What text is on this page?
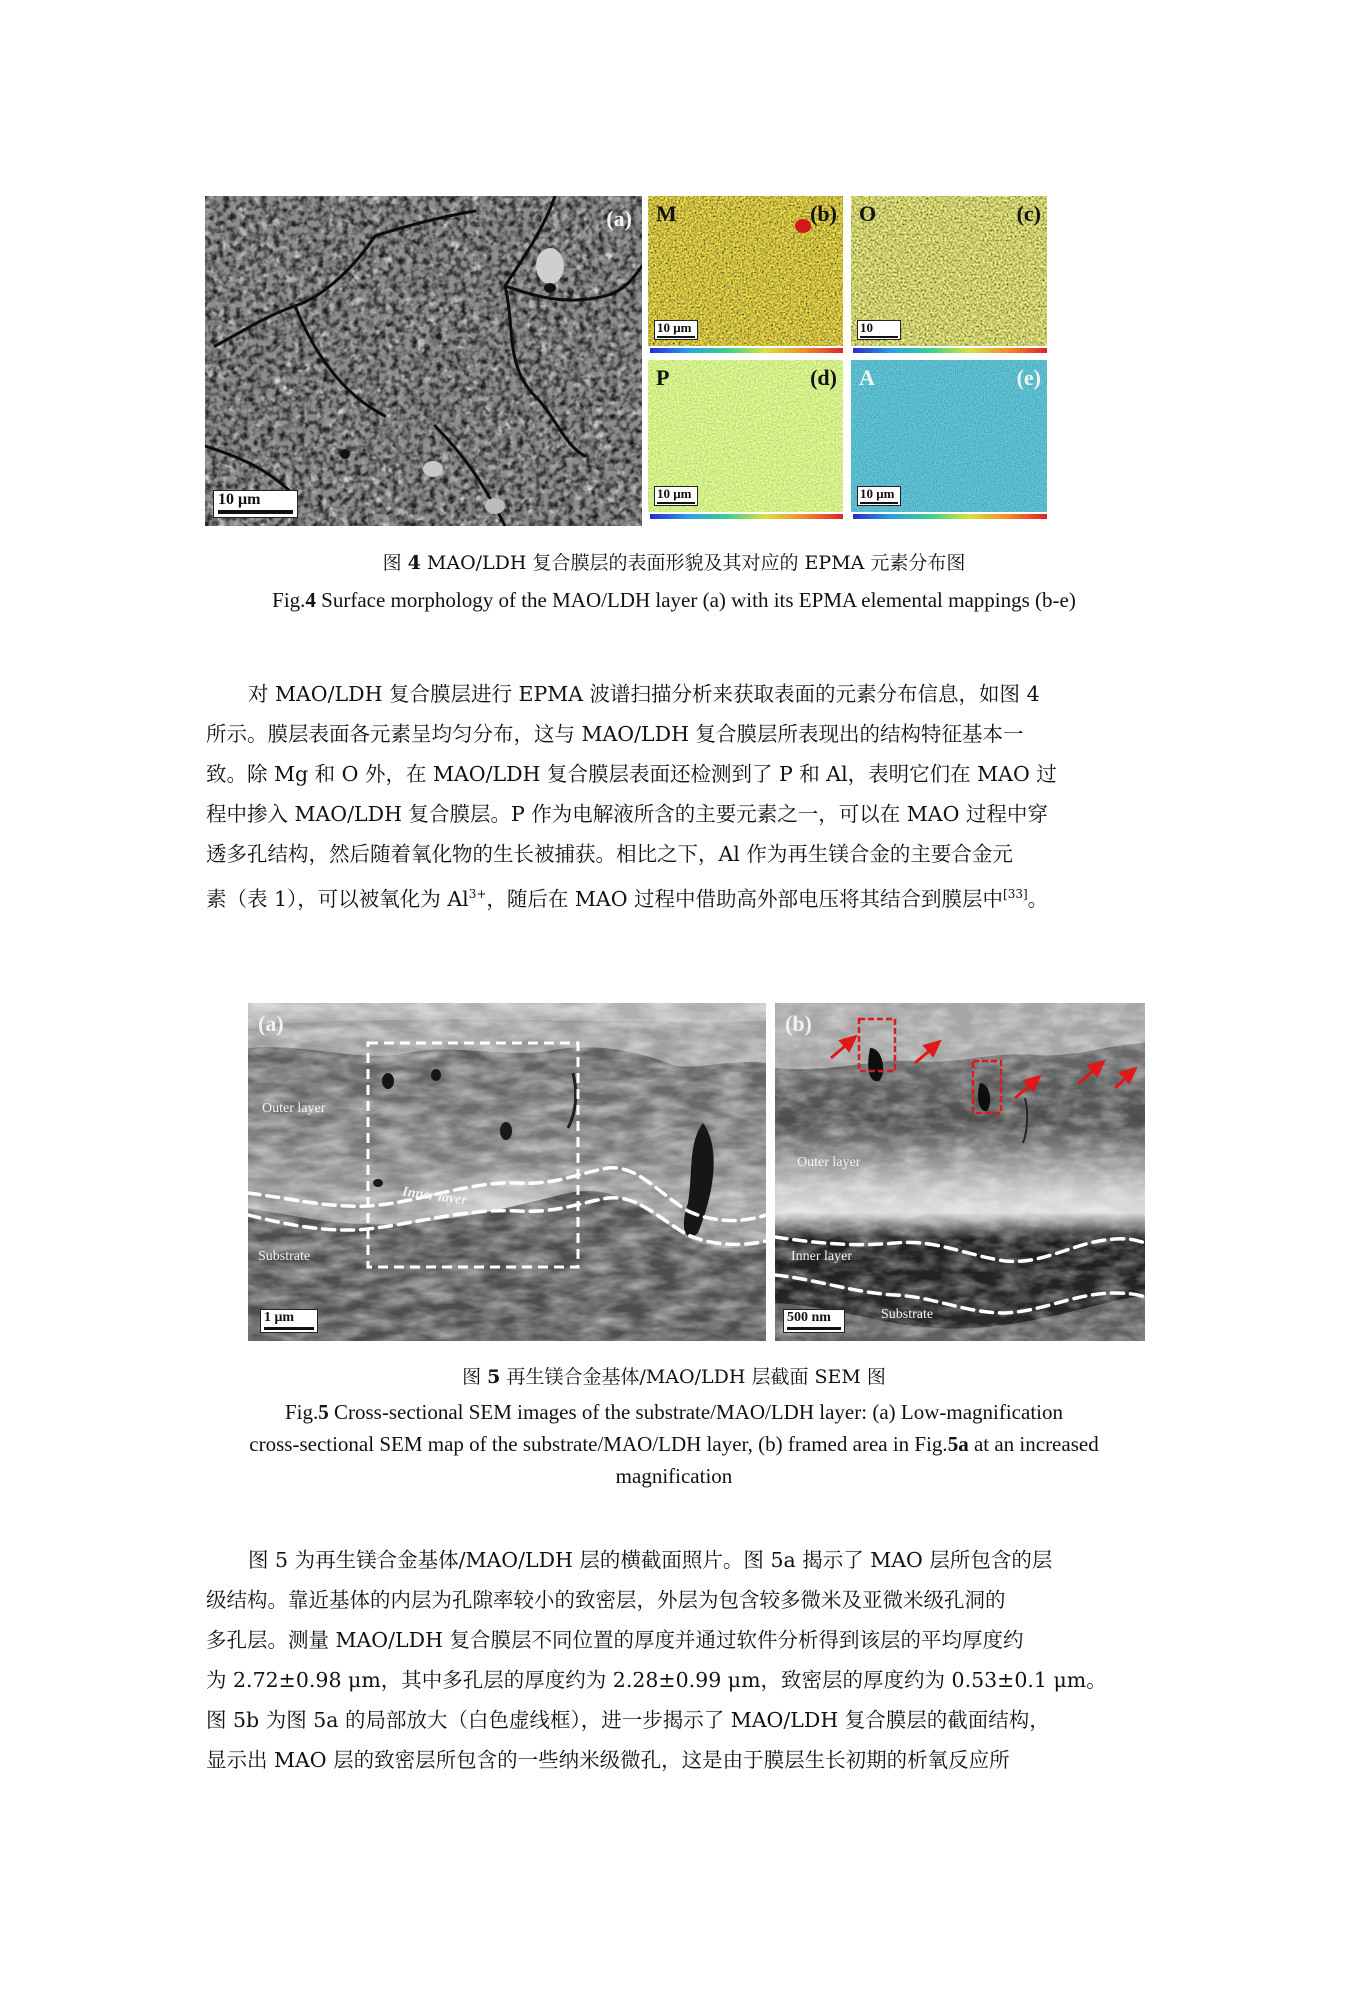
(a)
10 μm
M	(b)
10 μm
O	(c)
10
P	(d)
10 μm
A	(e)
10 μm
图 4 MAO/LDH 复合膜层的表面形貌及其对应的 EPMA 元素分布图
Fig.4 Surface morphology of the MAO/LDH layer (a) with its EPMA elemental mappings (b-e)
对 MAO/LDH 复合膜层进行 EPMA 波谱扫描分析来获取表面的元素分布信息，如图 4
所示。膜层表面各元素呈均匀分布，这与 MAO/LDH 复合膜层所表现出的结构特征基本一
致。除 Mg 和 O 外，在 MAO/LDH 复合膜层表面还检测到了 P 和 Al，表明它们在 MAO 过
程中掺入 MAO/LDH 复合膜层。P 作为电解液所含的主要元素之一，可以在 MAO 过程中穿
透多孔结构，然后随着氧化物的生长被捕获。相比之下，Al 作为再生镁合金的主要合金元
素（表 1），可以被氧化为 $Al^{3+}$，随后在 MAO 过程中借助高外部电压将其结合到膜层中[33]。
(a)
Outer layer
Inner layer
Substrate
1 μm
(b)
Outer layer
Inner layer
Substrate
500 nm
图 5 再生镁合金基体/MAO/LDH 层截面 SEM 图
Fig.5 Cross-sectional SEM images of the substrate/MAO/LDH layer: (a) Low-magnification
cross-sectional SEM map of the substrate/MAO/LDH layer, (b) framed area in Fig.5a at an increased
magnification
图 5 为再生镁合金基体/MAO/LDH 层的横截面照片。图 5a 揭示了 MAO 层所包含的层
级结构。靠近基体的内层为孔隙率较小的致密层，外层为包含较多微米及亚微米级孔洞的
多孔层。测量 MAO/LDH 复合膜层不同位置的厚度并通过软件分析得到该层的平均厚度约
为 2.72±0.98 μm，其中多孔层的厚度约为 2.28±0.99 μm，致密层的厚度约为 0.53±0.1 μm。
图 5b 为图 5a 的局部放大（白色虚线框），进一步揭示了 MAO/LDH 复合膜层的截面结构，
显示出 MAO 层的致密层所包含的一些纳米级微孔，这是由于膜层生长初期的析氧反应所
